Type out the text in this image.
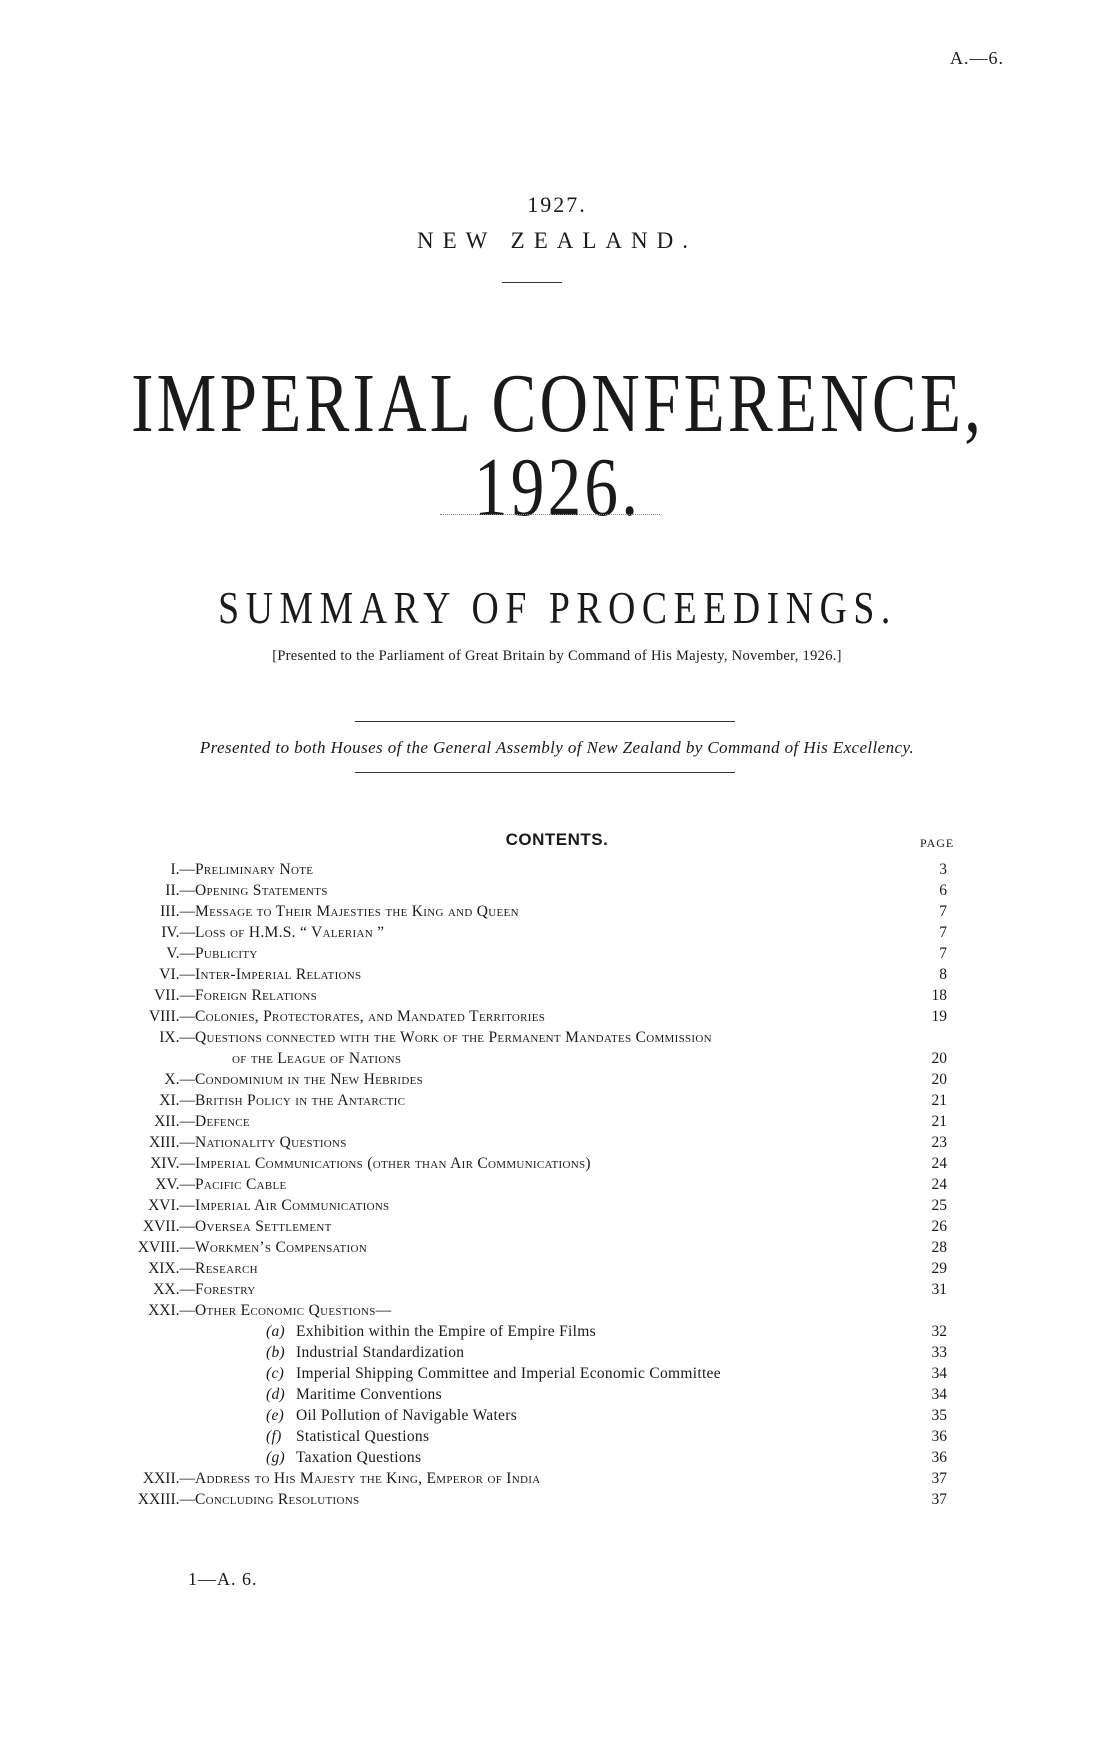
A.—6.
1927.
NEW ZEALAND.
IMPERIAL CONFERENCE, 1926.
SUMMARY OF PROCEEDINGS.
[Presented to the Parliament of Great Britain by Command of His Majesty, November, 1926.]
Presented to both Houses of the General Assembly of New Zealand by Command of His Excellency.
CONTENTS.	PAGE
I.— Preliminary Note	3
II.— Opening Statements	6
III.— Message to Their Majesties the King and Queen	7
IV.— Loss of H.M.S. “ Valerian ”	7
V.— Publicity	7
VI.— Inter-Imperial Relations	8
VII.— Foreign Relations	18
VIII.— Colonies, Protectorates, and Mandated Territories	19
IX.— Questions connected with the Work of the Permanent Mandates Commission
of the League of Nations	20
X.— Condominium in the New Hebrides	20
XI.— British Policy in the Antarctic	21
XII.— Defence	21
XIII.— Nationality Questions	23
XIV.— Imperial Communications (other than Air Communications)	24
XV.— Pacific Cable	24
XVI.— Imperial Air Communications	25
XVII.— Oversea Settlement	26
XVIII.— Workmen’s Compensation	28
XIX.— Research	29
XX.— Forestry	31
XXI.— Other Economic Questions—
(a) Exhibition within the Empire of Empire Films	32
(b) Industrial Standardization	33
(c) Imperial Shipping Committee and Imperial Economic Committee	34
(d) Maritime Conventions	34
(e) Oil Pollution of Navigable Waters	35
(f) Statistical Questions	36
(g) Taxation Questions	36
XXII.— Address to His Majesty the King, Emperor of India	37
XXIII.— Concluding Resolutions	37
1—A. 6.
